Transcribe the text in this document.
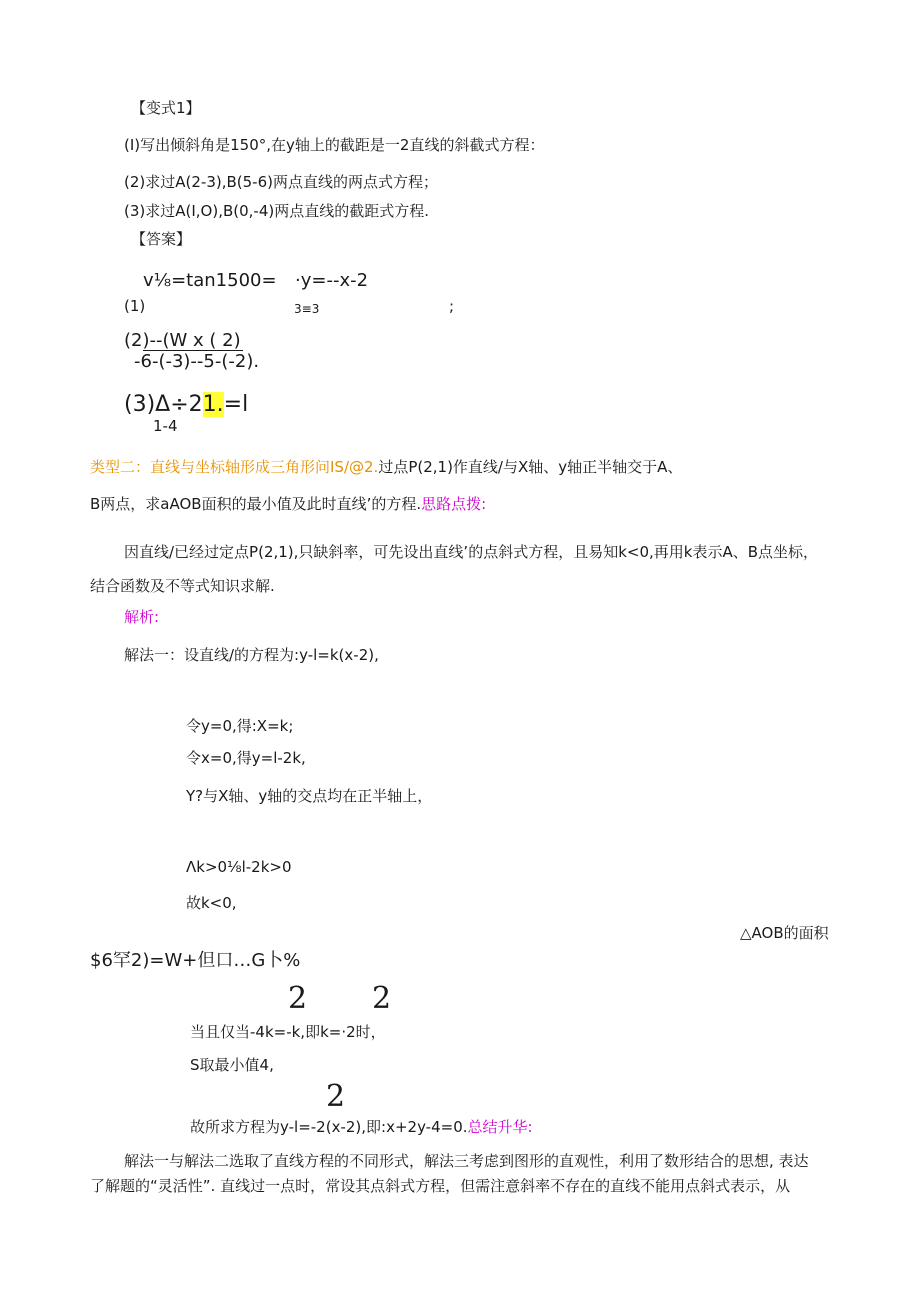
【变式1】
(I)写出倾斜角是150°,在y轴上的截距是一2直线的斜截式方程：
(2)求过A(2-3),B(5-6)两点直线的两点式方程；
(3)求过A(I,O),B(0,-4)两点直线的截距式方程.
【答案】
v⅛=tan1500= ·y=--x-2
(1)	3≡3	;
(2)--(W x ( 2)
-6-(-3)--5-(-2).
(3)Δ÷21.=l
1-4
类型二：直线与坐标轴形成三角形问IS/@2.过点P(2,1)作直线/与X轴、y轴正半轴交于A、
B两点，求aAOB面积的最小值及此时直线’的方程.思路点拨:
因直线/已经过定点P(2,1),只缺斜率，可先设出直线’的点斜式方程，且易知k<0,再用k表示A、B点坐标，
结合函数及不等式知识求解.
解析:
解法一：设直线/的方程为:y-l=k(x-2),
令y=0,得:X=k;
令x=0,得y=l-2k,
Y?与X轴、y轴的交点均在正半轴上，
Λk>0⅛l-2k>0
故k<0,
△AOB的面积
$6罕2)=W+但口…G卜%
2 2
当且仅当-4k=-k,即k=·2时，
S取最小值4,
2
故所求方程为y-l=-2(x-2),即:x+2y-4=0.总结升华:
解法一与解法二选取了直线方程的不同形式，解法三考虑到图形的直观性，利用了数形结合的思想, 表达
了解题的“灵活性”. 直线过一点时，常设其点斜式方程，但需注意斜率不存在的直线不能用点斜式表示，从
